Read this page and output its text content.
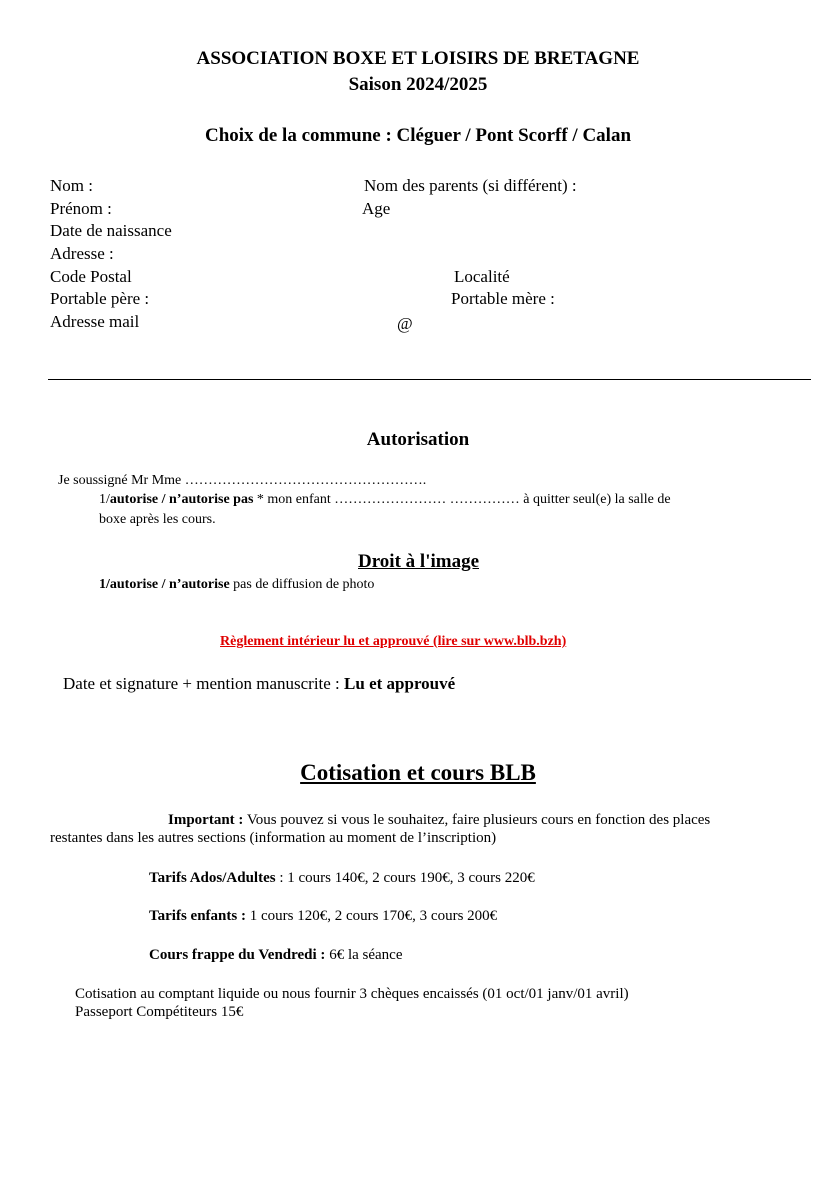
ASSOCIATION BOXE ET LOISIRS DE BRETAGNE
Saison 2024/2025
Choix de la commune : Cléguer / Pont Scorff / Calan
Nom :	Nom des parents (si différent) :
Prénom :	Age
Date de naissance
Adresse :
Code Postal	Localité
Portable père :	Portable mère :
Adresse mail	@
Autorisation
Je soussigné Mr Mme …………………………………………….
1/autorise / n’autorise pas * mon enfant …………………… …………… à quitter seul(e) la salle de
boxe après les cours.
Droit à l'image
1/autorise / n’autorise pas de diffusion de photo
Règlement intérieur lu et approuvé (lire sur www.blb.bzh)
Date et signature + mention manuscrite : Lu et approuvé
Cotisation et cours BLB
Important : Vous pouvez si vous le souhaitez, faire plusieurs cours en fonction des places
restantes dans les autres sections (information au moment de l’inscription)
Tarifs Ados/Adultes : 1 cours 140€, 2 cours 190€, 3 cours 220€
Tarifs enfants : 1 cours 120€, 2 cours 170€, 3 cours 200€
Cours frappe du Vendredi : 6€ la séance
Cotisation au comptant liquide ou nous fournir 3 chèques encaissés (01 oct/01 janv/01 avril)
Passeport Compétiteurs 15€
